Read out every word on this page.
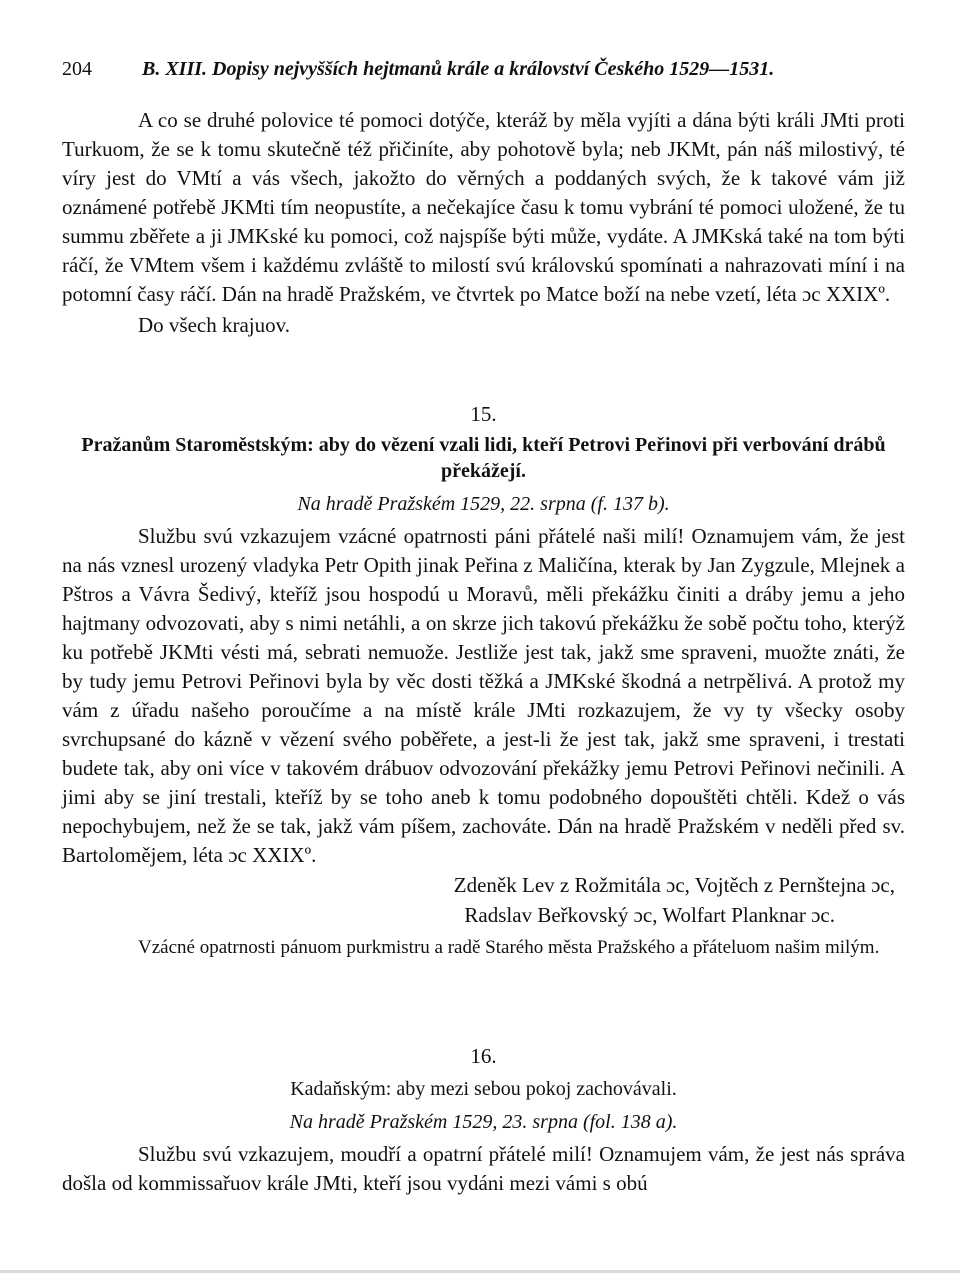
204	B. XIII. Dopisy nejvyšších hejtmanů krále a království Českého 1529—1531.

A co se druhé polovice té pomoci dotýče, kteráž by měla vyjíti a dána býti králi JMti proti Turkuom, že se k tomu skutečně též přičiníte, aby pohotově byla; neb JKMt, pán náš milostivý, té víry jest do VMtí a vás všech, jakožto do věrných a poddaných svých, že k takové vám již oznámené potřebě JKMti tím neopustíte, a nečekajíce času k tomu vybrání té pomoci uložené, že tu summu zběřete a ji JMKské ku pomoci, což najspíše býti může, vydáte. A JMKská také na tom býti ráčí, že VMtem všem i každému zvláště to milostí svú královskú spomínati a nahrazovati míní i na potomní časy ráčí. Dán na hradě Pražském, ve čtvrtek po Matce boží na nebe vzetí, léta ɔc XXIXº.

Do všech krajuov.

15.
Pražanům Staroměstským: aby do vězení vzali lidi, kteří Petrovi Peřinovi při verbování drábů překážejí.
Na hradě Pražském 1529, 22. srpna (f. 137 b).

Službu svú vzkazujem vzácné opatrnosti páni přátelé naši milí! Oznamujem vám, že jest na nás vznesl urozený vladyka Petr Opith jinak Peřina z Maličína, kterak by Jan Zygzule, Mlejnek a Pštros a Vávra Šedivý, kteříž jsou hospodú u Moravů, měli překážku činiti a drábу jemu a jeho hajtmany odvozovati, aby s nimi netáhli, a on skrze jich takovú překážku že sobě počtu toho, kterýž ku potřebě JKMti vésti má, sebrati nemuože. Jestliže jest tak, jakž sme spraveni, muožte znáti, že by tudy jemu Petrovi Peřinovi byla by věc dosti těžká a JMKské škodná a netrpělivá. A protož my vám z úřadu našeho poroučíme a na místě krále JMti rozkazujem, že vy ty všecky osoby svrchupsané do kázně v vězení svého poběřete, a jest-li že jest tak, jakž sme spraveni, i trestati budete tak, aby oni více v takovém drábuov odvozování překážky jemu Petrovi Peřinovi nečinili. A jimi aby se jiní trestali, kteříž by se toho aneb k tomu podobného dopouštěti chtěli. Kdež o vás nepochybujem, než že se tak, jakž vám píšem, zachováte. Dán na hradě Pražském v neděli před sv. Bartolomějem, léta ɔc XXIXº.

Zdeněk Lev z Rožmitála ɔc, Vojtěch z Pernštejna ɔc,
Radslav Beřkovský ɔc, Wolfart Planknar ɔc.

Vzácné opatrnosti pánuom purkmistru a radě Starého města Pražského a přáteluom našim milým.

16.
Kadaňským: aby mezi sebou pokoj zachovávali.
Na hradě Pražském 1529, 23. srpna (fol. 138 a).

Službu svú vzkazujem, moudří a opatrní přátelé milí! Oznamujem vám, že jest nás správa došla od kommissařuov krále JMti, kteří jsou vydáni mezi vámi s obú
